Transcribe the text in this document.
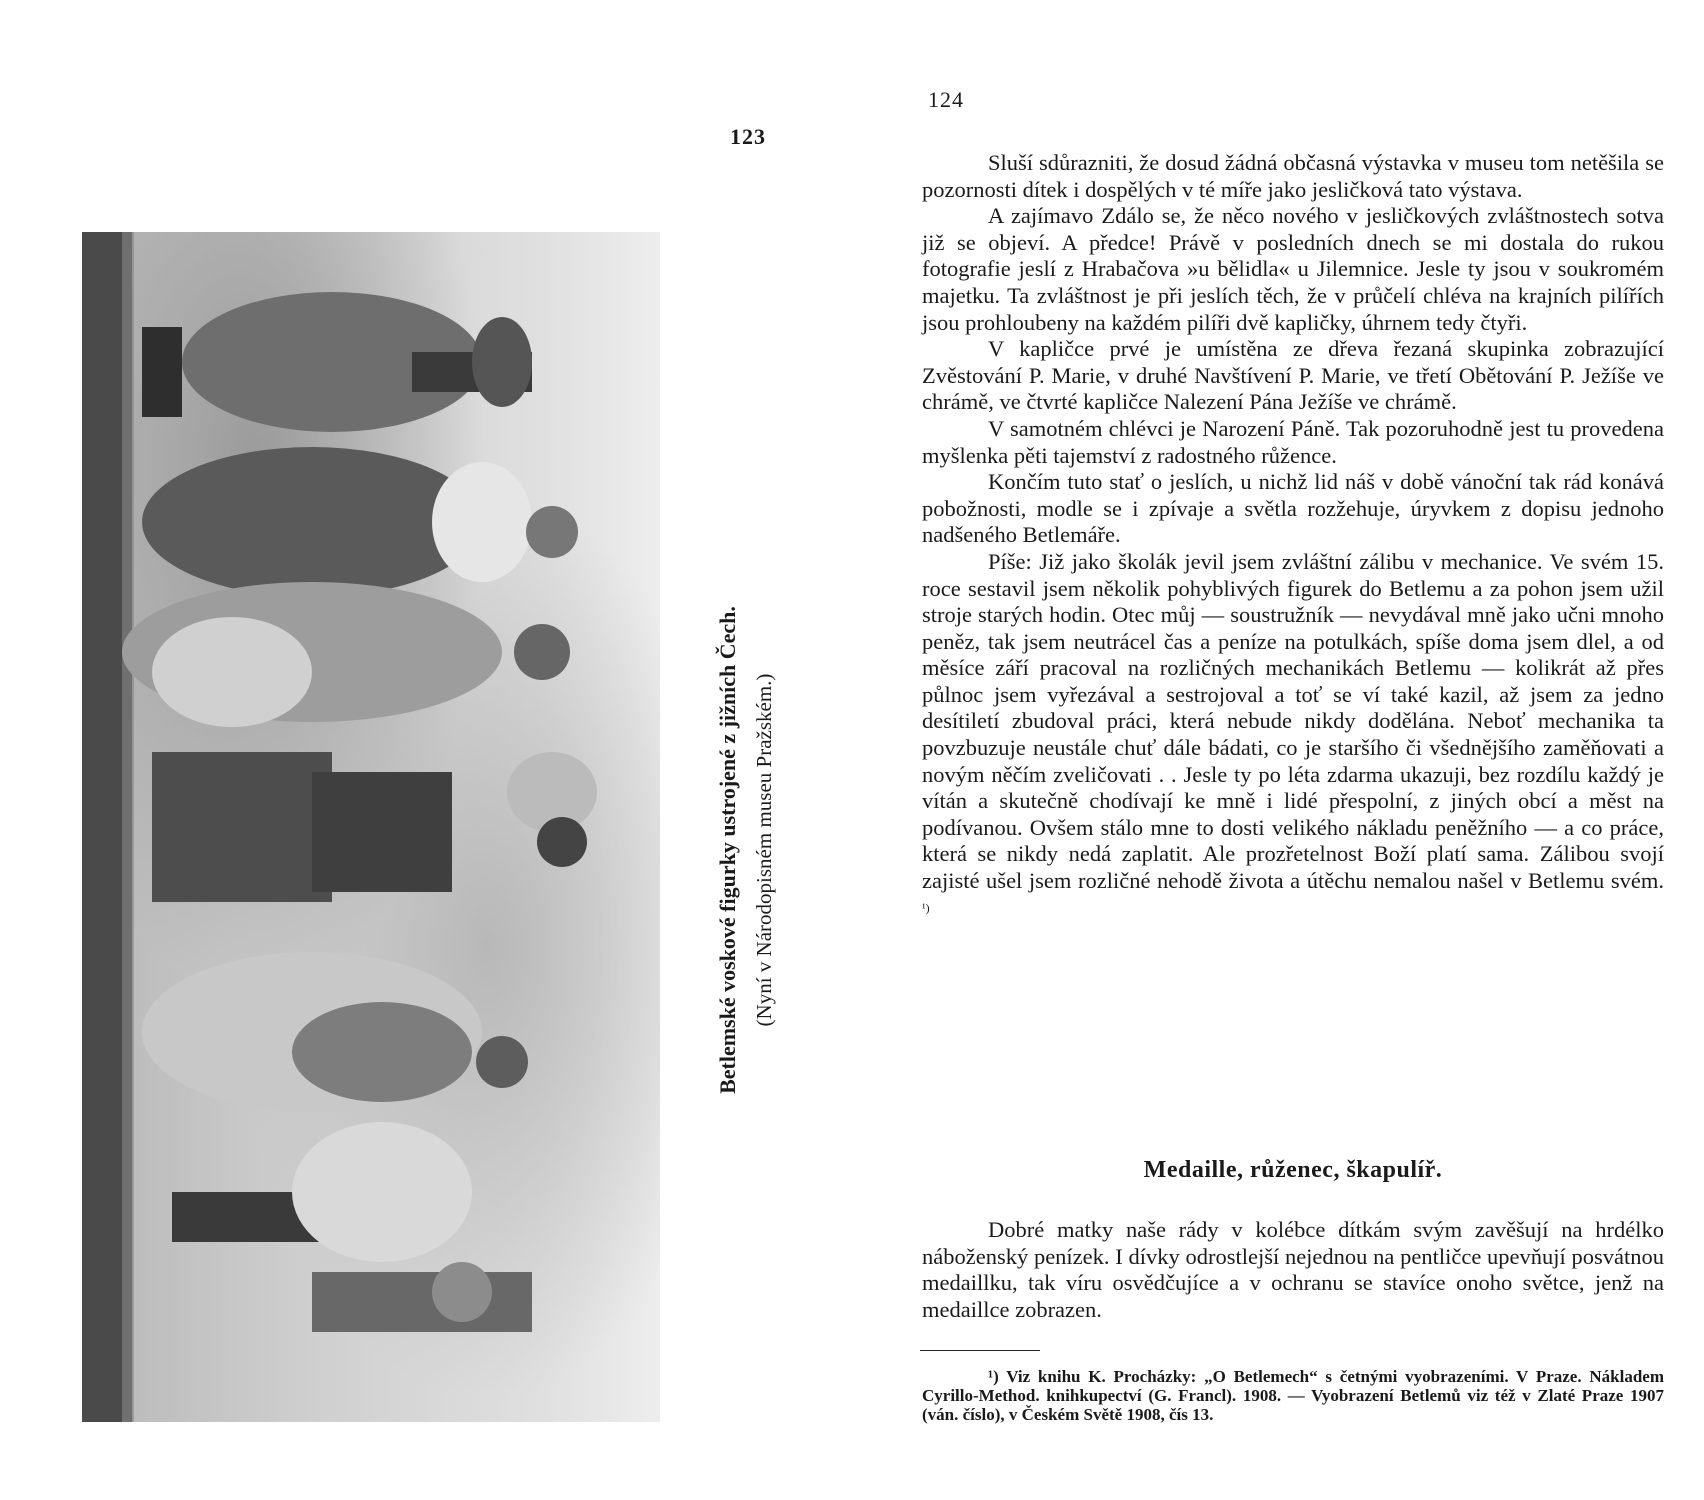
123
Betlemské voskové figurky ustrojené z jižních Čech. (Nyní v Národopisném museu Pražském.)
124

Sluší sdůrazniti, že dosud žádná občasná výstavka v museu tom netěšila se pozornosti dítek i dospělých v té míře jako jesličková tato výstava.

A zajímavo Zdálo se, že něco nového v jesličkových zvláštnostech sotva již se objeví. A předce! Právě v posledních dnech se mi dostala do rukou fotografie jeslí z Hrabačova »u bělidla« u Jilemnice. Jesle ty jsou v soukromém majetku. Ta zvláštnost je při jeslích těch, že v průčelí chléva na krajních pilířích jsou prohloubeny na každém pilíři dvě kapličky, úhrnem tedy čtyři.

V kapličce prvé je umístěna ze dřeva řezaná skupinka zobrazující Zvěstování P. Marie, v druhé Navštívení P. Marie, ve třetí Obětování P. Ježíše ve chrámě, ve čtvrté kapličce Nalezení Pána Ježíše ve chrámě.

V samotném chlévci je Narození Páně. Tak pozoruhodně jest tu provedena myšlenka pěti tajemství z radostného růžence.

Končím tuto stať o jeslích, u nichž lid náš v době vánoční tak rád konává pobožnosti, modle se i zpívaje a světla rozžehuje, úryvkem z dopisu jednoho nadšeného Betlemáře.

Píše: Již jako školák jevil jsem zvláštní zálibu v mechanice. Ve svém 15. roce sestavil jsem několik pohyblivých figurek do Betlemu a za pohon jsem užil stroje starých hodin. Otec můj — soustružník — nevydával mně jako učni mnoho peněz, tak jsem neutrácel čas a peníze na potulkách, spíše doma jsem dlel, a od měsíce září pracoval na rozličných mechanikách Betlemu — kolikrát až přes půlnoc jsem vyřezával a sestrojoval a toť se ví také kazil, až jsem za jedno desítiletí zbudoval práci, která nebude nikdy dodělána. Neboť mechanika ta povzbuzuje neustále chuť dále bádati, co je staršího či všednějšího zaměňovati a novým něčím zveličovati . . Jesle ty po léta zdarma ukazuji, bez rozdílu každý je vítán a skutečně chodívají ke mně i lidé přespolní, z jiných obcí a měst na podívanou. Ovšem stálo mne to dosti velikého nákladu peněžního — a co práce, která se nikdy nedá zaplatit. Ale prozřetelnost Boží platí sama. Zálibou svojí zajisté ušel jsem rozličné nehodě života a útěchu nemalou našel v Betlemu svém. $^{^1)}$

Medaille, růženec, škapulíř.

Dobré matky naše rády v kolébce dítkám svým zavěšují na hrdélko náboženský penízek. I dívky odrostlejší nejednou na pentličce upevňují posvátnou medaillku, tak víru osvědčujíce a v ochranu se stavíce onoho světce, jenž na medaillce zobrazen.

¹) Viz knihu K. Procházky: „O Betlemech“ s četnými vyobrazeními. V Praze. Nákladem Cyrillo-Method. knihkupectví (G. Francl). 1908. — Vyobrazení Betlemů viz též v Zlaté Praze 1907 (ván. číslo), v Českém Světě 1908, čís 13.
